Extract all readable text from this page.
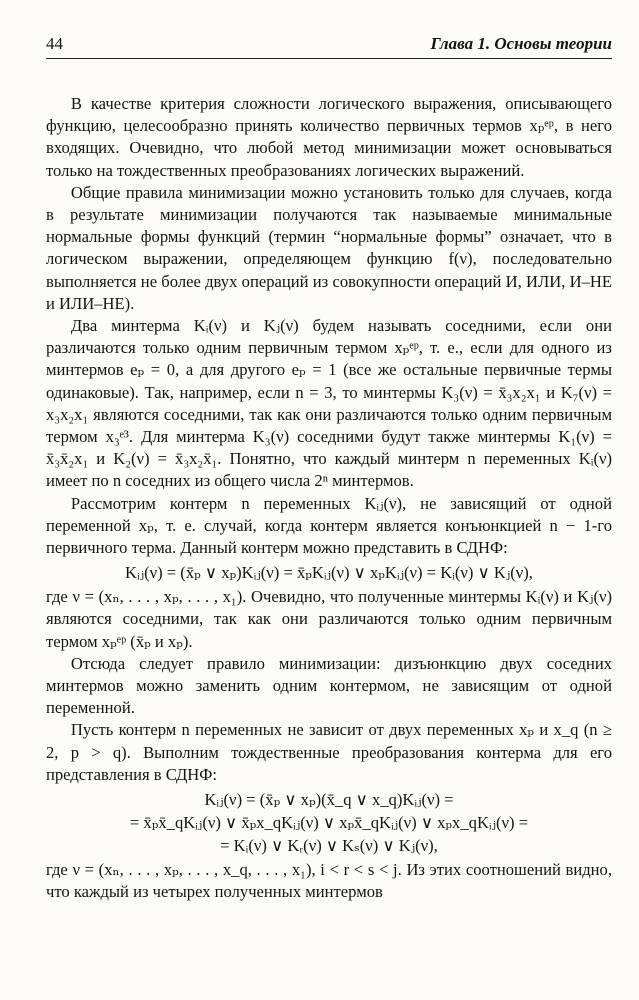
44	Глава 1. Основы теории

В качестве критерия сложности логического выражения, описывающего функцию, целесообразно принять количество первичных термов xₚᵉᵖ, в него входящих. Очевидно, что любой метод минимизации может основываться только на тождественных преобразованиях логических выражений.

Общие правила минимизации можно установить только для случаев, когда в результате минимизации получаются так называемые минимальные нормальные формы функций (термин “нормальные формы” означает, что в логическом выражении, определяющем функцию f(ν), последовательно выполняется не более двух операций из совокупности операций И, ИЛИ, И–НЕ и ИЛИ–НЕ).

Два минтерма Kᵢ(ν) и Kⱼ(ν) будем называть соседними, если они различаются только одним первичным термом xₚᵉᵖ, т. е., если для одного из минтермов eₚ = 0, а для другого eₚ = 1 (все же остальные первичные термы одинаковые). Так, например, если n = 3, то минтермы K₃(ν) = x̄₃x₂x₁ и K₇(ν) = x₃x₂x₁ являются соседними, так как они различаются только одним первичным термом x₃ᵉ³. Для минтерма K₃(ν) соседними будут также минтермы K₁(ν) = x̄₃x̄₂x₁ и K₂(ν) = x̄₃x₂x̄₁. Понятно, что каждый минтерм n переменных Kᵢ(ν) имеет по n соседних из общего числа 2ⁿ минтермов.

Рассмотрим контерм n переменных Kᵢⱼ(ν), не зависящий от одной переменной xₚ, т. е. случай, когда контерм является конъюнкцией n − 1-го первичного терма. Данный контерм можно представить в СДНФ:

Kᵢⱼ(ν) = (x̄ₚ ∨ xₚ)Kᵢⱼ(ν) = x̄ₚKᵢⱼ(ν) ∨ xₚKᵢⱼ(ν) = Kᵢ(ν) ∨ Kⱼ(ν),

где ν = (xₙ, . . . , xₚ, . . . , x₁). Очевидно, что полученные минтермы Kᵢ(ν) и Kⱼ(ν) являются соседними, так как они различаются только одним первичным термом xₚᵉᵖ (x̄ₚ и xₚ).

Отсюда следует правило минимизации: дизъюнкцию двух соседних минтермов можно заменить одним контермом, не зависящим от одной переменной.

Пусть контерм n переменных не зависит от двух переменных xₚ и x_q (n ≥ 2, p > q). Выполним тождественные преобразования контерма для его представления в СДНФ:

Kᵢⱼ(ν) = (x̄ₚ ∨ xₚ)(x̄_q ∨ x_q)Kᵢⱼ(ν) =
= x̄ₚx̄_qKᵢⱼ(ν) ∨ x̄ₚx_qKᵢⱼ(ν) ∨ xₚx̄_qKᵢⱼ(ν) ∨ xₚx_qKᵢⱼ(ν) =
= Kᵢ(ν) ∨ Kᵣ(ν) ∨ Kₛ(ν) ∨ Kⱼ(ν),

где ν = (xₙ, . . . , xₚ, . . . , x_q, . . . , x₁), i < r < s < j. Из этих соотношений видно, что каждый из четырех полученных минтермов
